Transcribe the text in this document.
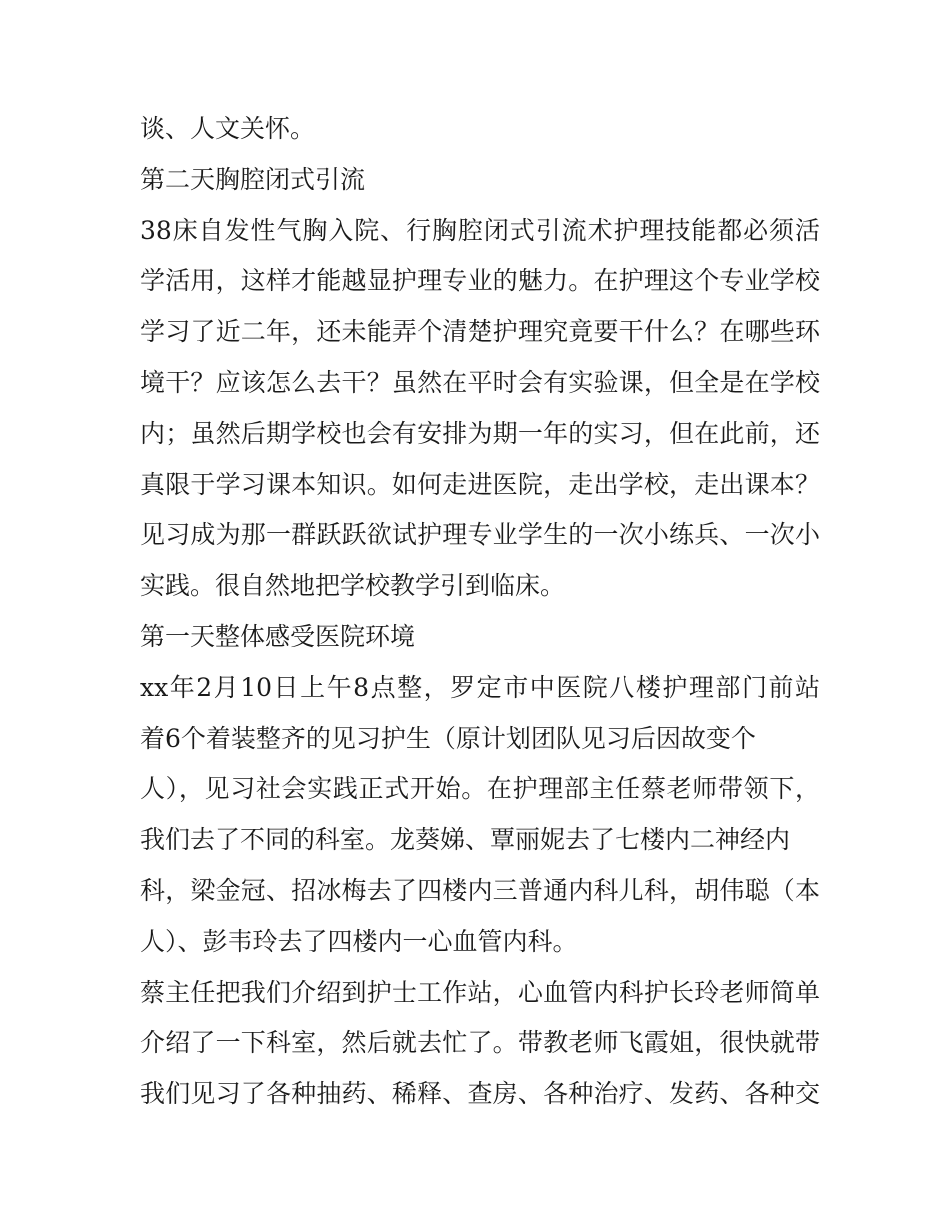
谈、人文关怀。
第二天胸腔闭式引流
38床自发性气胸入院、行胸腔闭式引流术护理技能都必须活
学活用，这样才能越显护理专业的魅力。在护理这个专业学校
学习了近二年，还未能弄个清楚护理究竟要干什么？在哪些环
境干？应该怎么去干？虽然在平时会有实验课，但全是在学校
内；虽然后期学校也会有安排为期一年的实习，但在此前，还
真限于学习课本知识。如何走进医院，走出学校，走出课本？
见习成为那一群跃跃欲试护理专业学生的一次小练兵、一次小
实践。很自然地把学校教学引到临床。
第一天整体感受医院环境
xx年2月10日上午8点整，罗定市中医院八楼护理部门前站
着6个着装整齐的见习护生（原计划团队见习后因故变个
人），见习社会实践正式开始。在护理部主任蔡老师带领下，
我们去了不同的科室。龙葵娣、覃丽妮去了七楼内二神经内
科，梁金冠、招冰梅去了四楼内三普通内科儿科，胡伟聪（本
人）、彭韦玲去了四楼内一心血管内科。
蔡主任把我们介绍到护士工作站，心血管内科护长玲老师简单
介绍了一下科室，然后就去忙了。带教老师飞霞姐，很快就带
我们见习了各种抽药、稀释、查房、各种治疗、发药、各种交
